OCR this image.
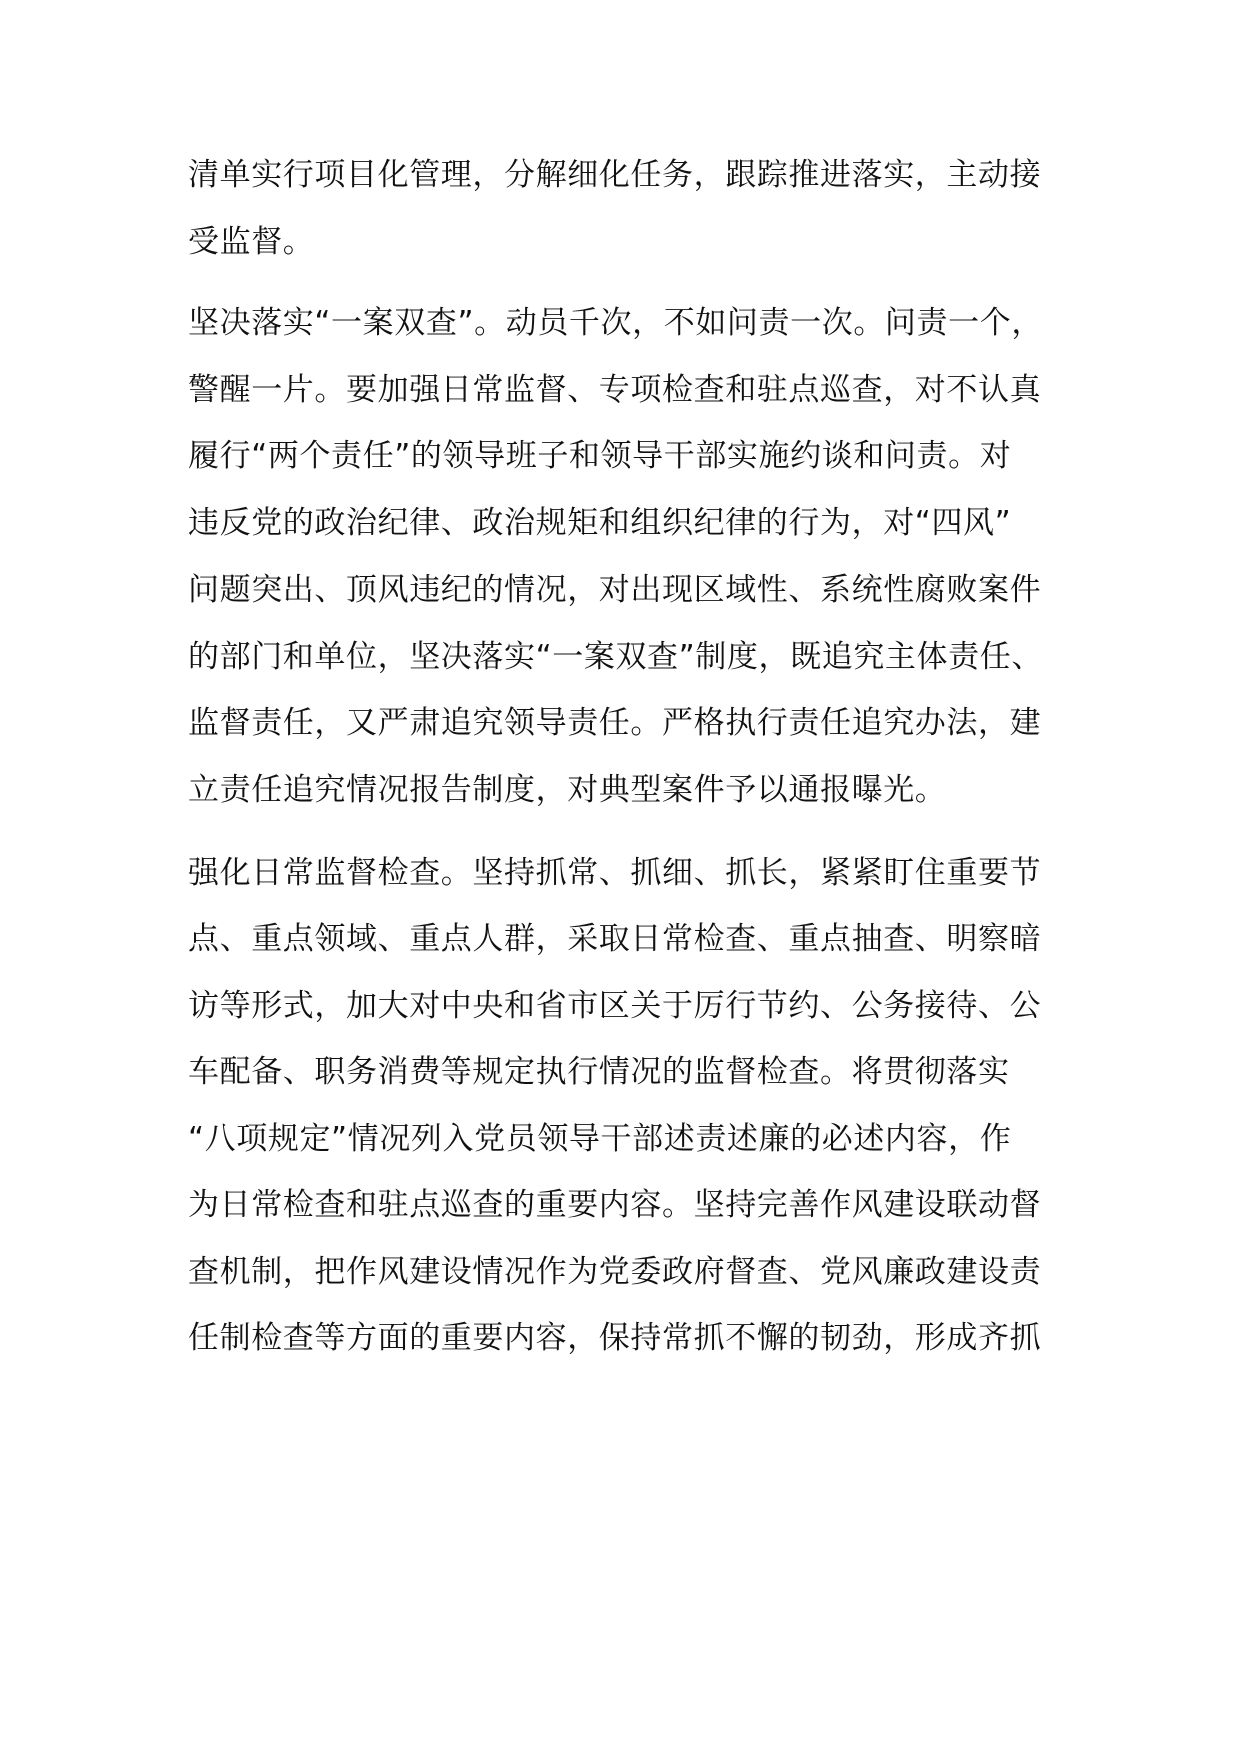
清单实行项目化管理，分解细化任务，跟踪推进落实，主动接

受监督。

坚决落实“一案双查”。动员千次，不如问责一次。问责一个，

警醒一片。要加强日常监督、专项检查和驻点巡查，对不认真

履行“两个责任”的领导班子和领导干部实施约谈和问责。对

违反党的政治纪律、政治规矩和组织纪律的行为，对“四风”

问题突出、顶风违纪的情况，对出现区域性、系统性腐败案件

的部门和单位，坚决落实“一案双查”制度，既追究主体责任、

监督责任，又严肃追究领导责任。严格执行责任追究办法，建

立责任追究情况报告制度，对典型案件予以通报曝光。

强化日常监督检查。坚持抓常、抓细、抓长，紧紧盯住重要节

点、重点领域、重点人群，采取日常检查、重点抽查、明察暗

访等形式，加大对中央和省市区关于厉行节约、公务接待、公

车配备、职务消费等规定执行情况的监督检查。将贯彻落实

“八项规定”情况列入党员领导干部述责述廉的必述内容，作

为日常检查和驻点巡查的重要内容。坚持完善作风建设联动督

查机制，把作风建设情况作为党委政府督查、党风廉政建设责

任制检查等方面的重要内容，保持常抓不懈的韧劲，形成齐抓
